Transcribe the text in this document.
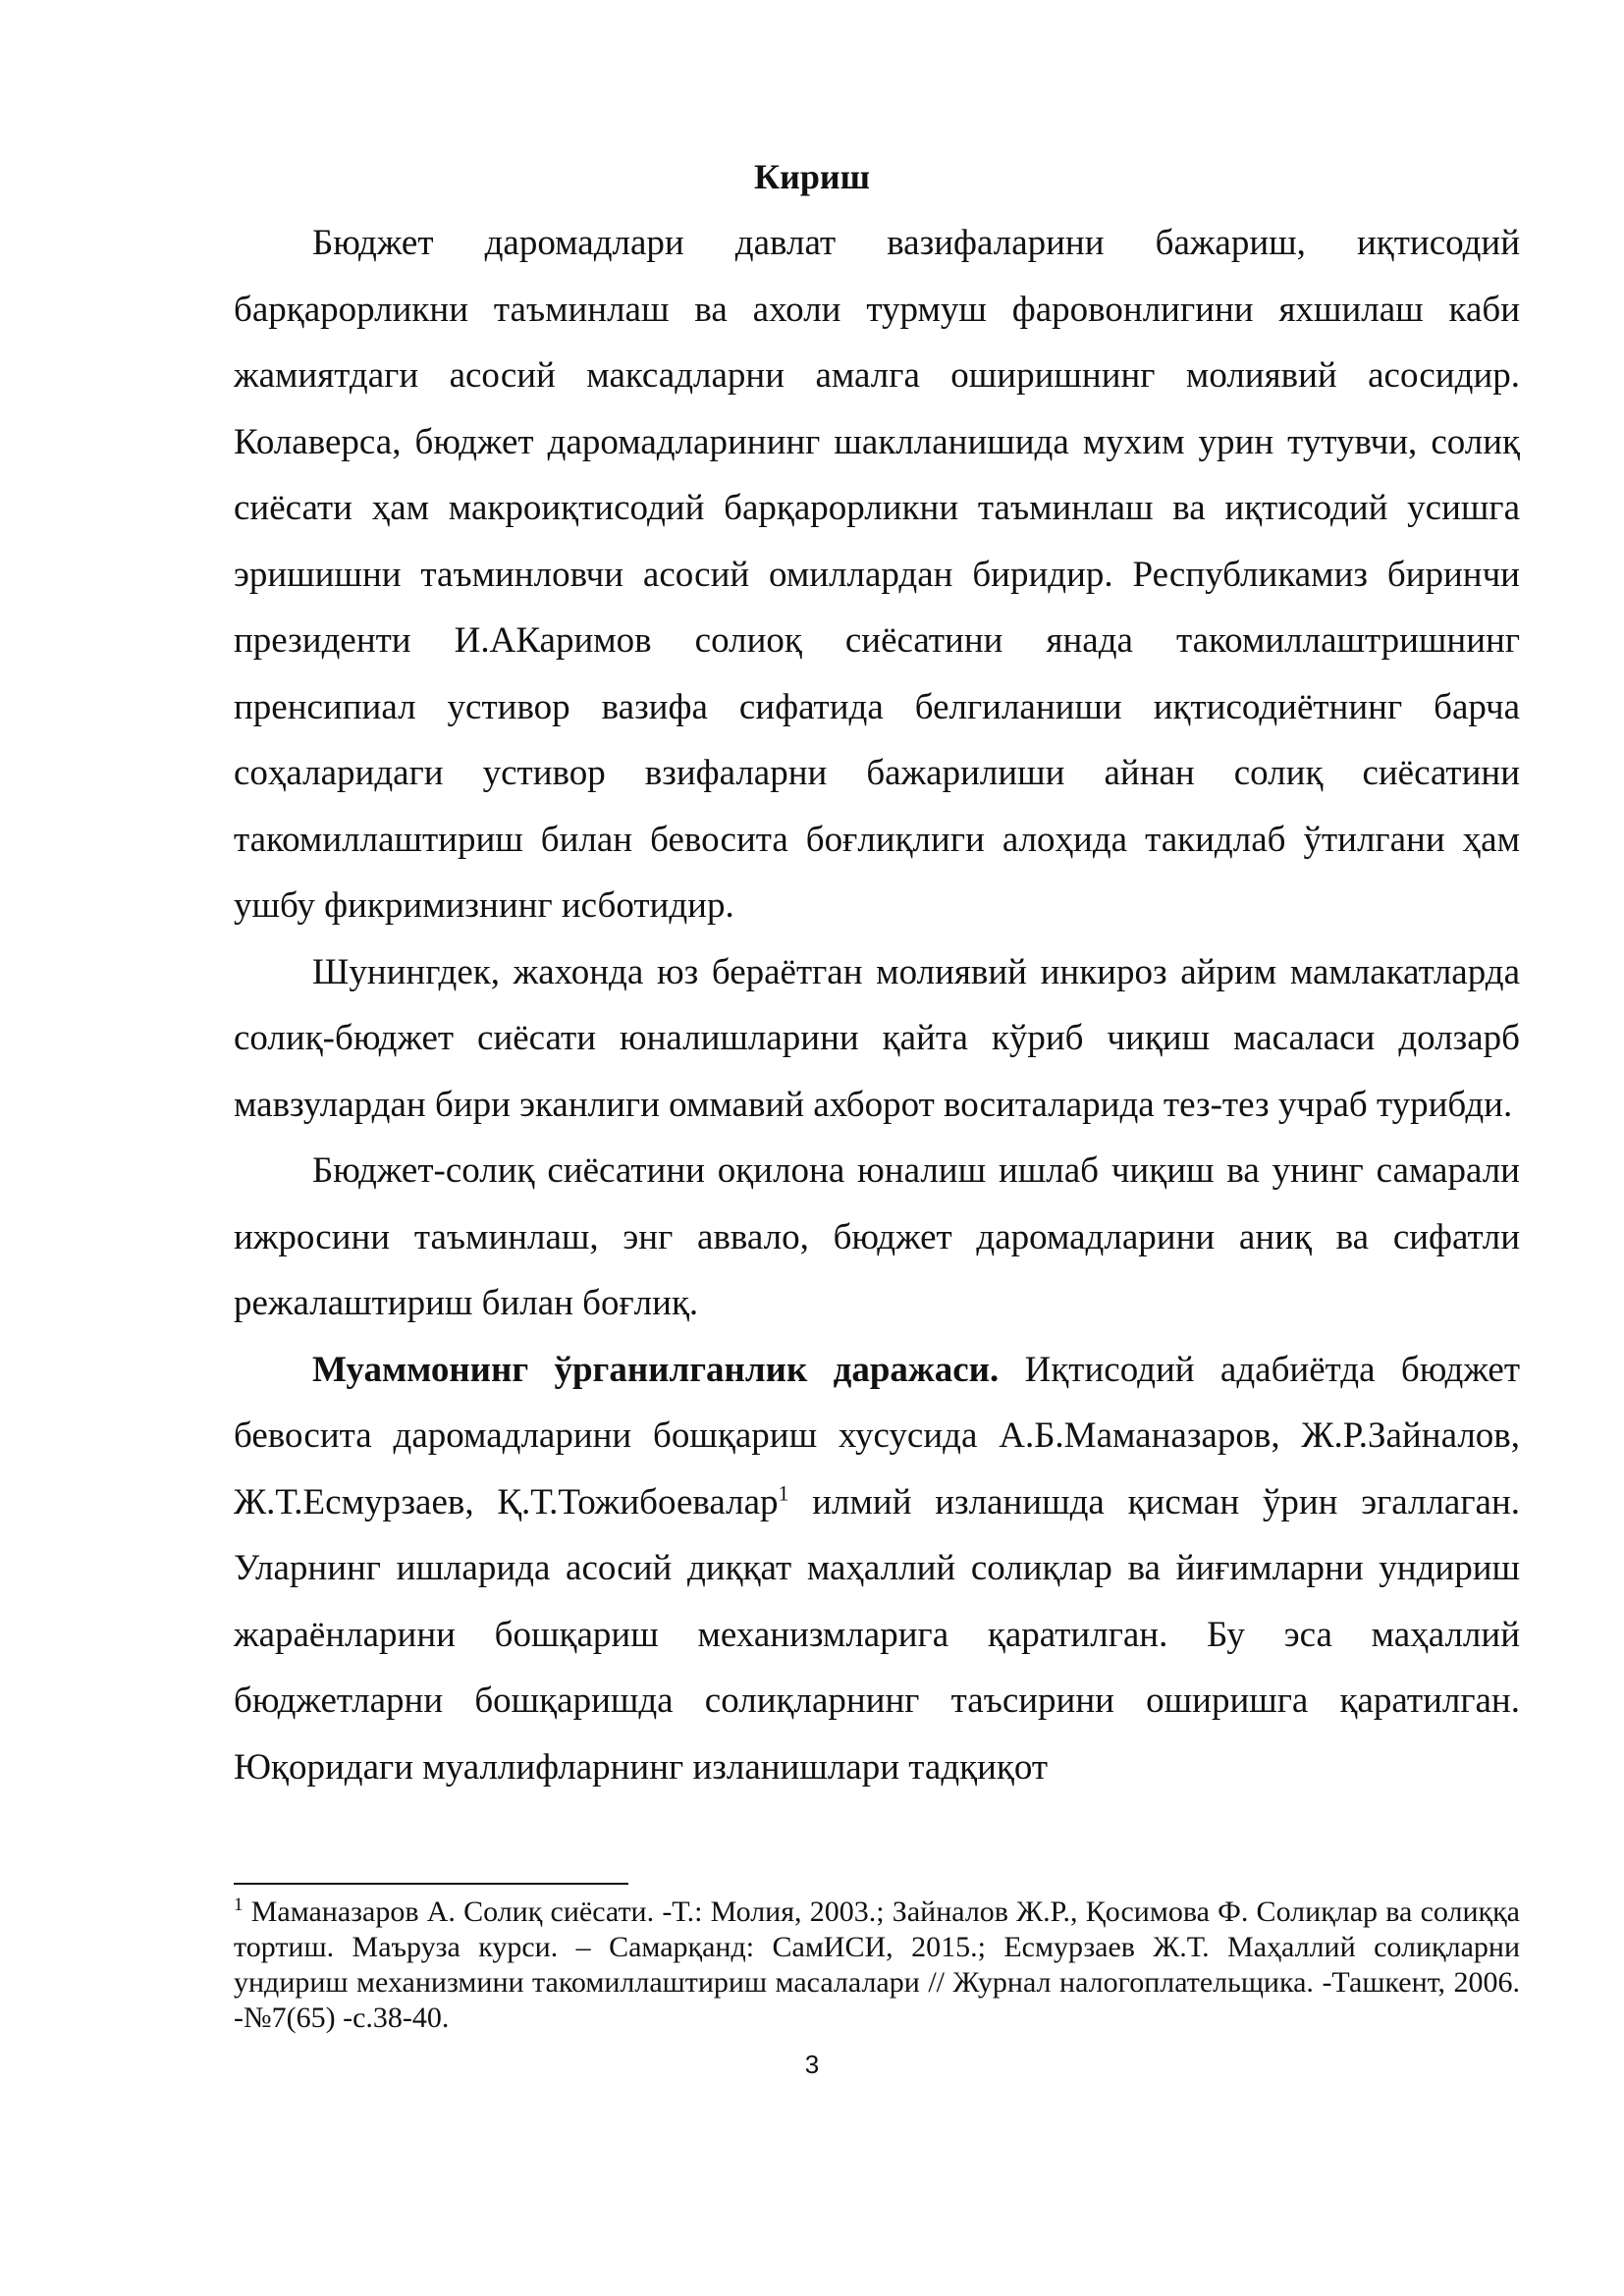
Кириш

Бюджет даромадлари давлат вазифаларини бажариш, иқтисодий барқарорликни таъминлаш ва ахоли турмуш фаровонлигини яхшилаш каби жамиятдаги асосий максадларни амалга оширишнинг молиявий асосидир. Колаверса, бюджет даромадларининг шаклланишида мухим урин тутувчи, солиқ сиёсати ҳам макроиқтисодий барқарорликни таъминлаш ва иқтисодий усишга эришишни таъминловчи асосий омиллардан биридир. Республикамиз биринчи президенти И.АКаримов солиоқ сиёсатини янада такомиллаштришнинг пренсипиал устивор вазифа сифатида белгиланиши иқтисодиётнинг барча соҳаларидаги устивор взифаларни бажарилиши айнан солиқ сиёсатини такомиллаштириш билан бевосита боғлиқлиги алоҳида такидлаб ўтилгани ҳам ушбу фикримизнинг исботидир.

Шунингдек, жахонда юз бераётган молиявий инкироз айрим мамлакатларда солиқ-бюджет сиёсати юналишларини қайта кўриб чиқиш масаласи долзарб мавзулардан бири эканлиги оммавий ахборот воситаларида тез-тез учраб турибди.

Бюджет-солиқ сиёсатини оқилона юналиш ишлаб чиқиш ва унинг самарали ижросини таъминлаш, энг аввало, бюджет даромадларини аниқ ва сифатли режалаштириш билан боғлиқ.

Муаммонинг ўрганилганлик даражаси. Иқтисодий адабиётда бюджет бевосита даромадларини бошқариш хусусида А.Б.Маманазаров, Ж.Р.Зайналов, Ж.Т.Есмурзаев, Қ.Т.Тожибоевалар$^1$ илмий изланишда қисман ўрин эгаллаган. Уларнинг ишларида асосий диққат маҳаллий солиқлар ва йиғимларни ундириш жараёнларини бошқариш механизмларига қаратилган. Бу эса маҳаллий бюджетларни бошқаришда солиқларнинг таъсирини оширишга қаратилган. Юқоридаги муаллифларнинг изланишлари тадқиқот

$^1$ Маманазаров А. Солиқ сиёсати. -Т.: Молия, 2003.; Зайналов Ж.Р., Қосимова Ф. Солиқлар ва солиққа тортиш. Маъруза курси. – Самарқанд: СамИСИ, 2015.; Есмурзаев Ж.Т. Маҳаллий солиқларни ундириш механизмини такомиллаштириш масалалари // Журнал налогоплательщика. -Ташкент, 2006. -№7(65) -с.38-40.

3
